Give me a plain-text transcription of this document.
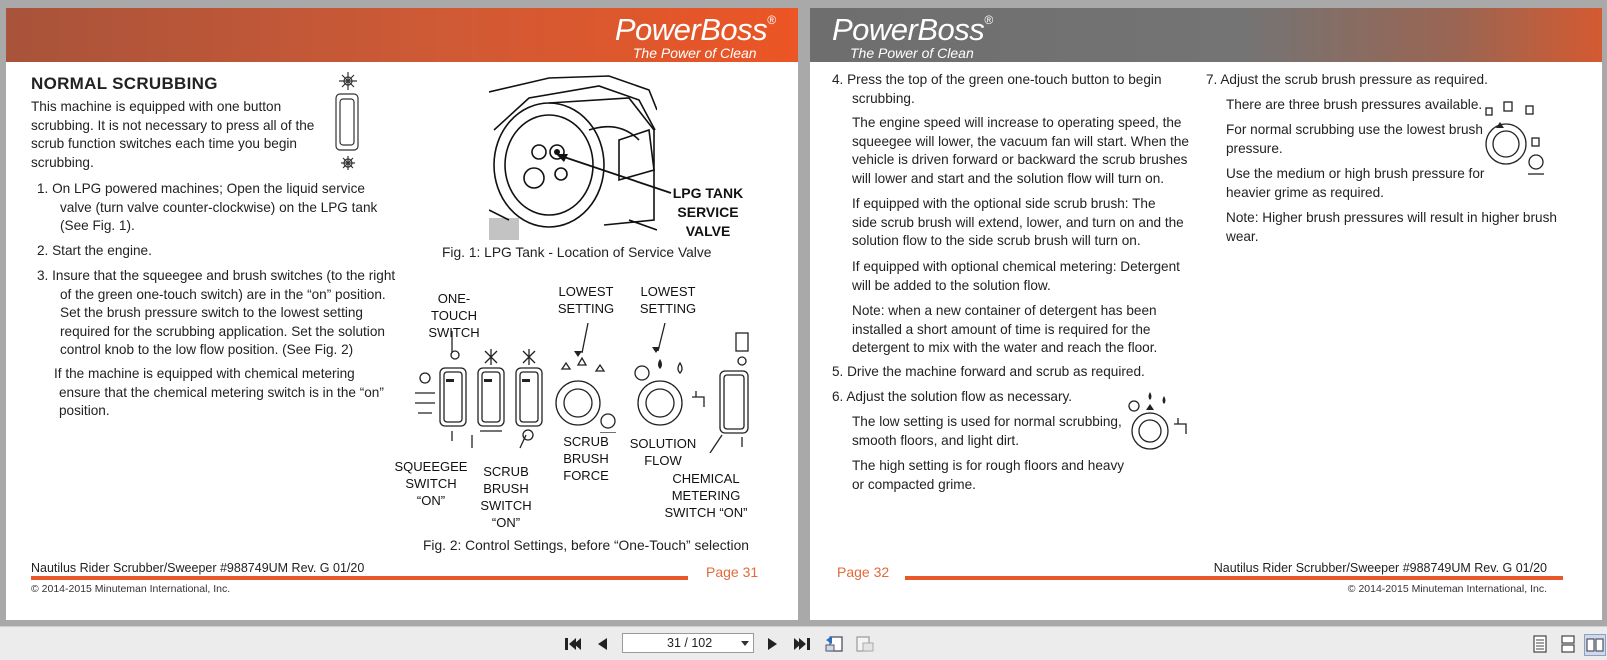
PowerBoss®
The Power of Clean
NORMAL SCRUBBING
This machine is equipped with one button
scrubbing. It is not necessary to press all of the
scrub function switches each time you begin
scrubbing.
1. On LPG powered machines; Open the liquid service
valve (turn valve counter-clockwise) on the LPG tank
(See Fig. 1).
2. Start the engine.
3. Insure that the squeegee and brush switches (to the right
of the green one-touch switch) are in the “on” position.
Set the brush pressure switch to the lowest setting
required for the scrubbing application. Set the solution
control knob to the low flow position. (See Fig. 2)
If the machine is equipped with chemical metering
ensure that the chemical metering switch is in the “on”
position.
LPG TANK
SERVICE
VALVE
Fig. 1: LPG Tank - Location of Service Valve
ONE-
TOUCH
SWITCH
LOWEST
SETTING
LOWEST
SETTING
SQUEEGEE
SWITCH
“ON”
SCRUB
BRUSH
SWITCH
“ON”
SCRUB
BRUSH
FORCE
SOLUTION
FLOW
CHEMICAL
METERING
SWITCH “ON”
Fig. 2: Control Settings, before “One-Touch” selection
Nautilus Rider Scrubber/Sweeper #988749UM Rev. G 01/20	Page 31
© 2014-2015 Minuteman International, Inc.
PowerBoss®
The Power of Clean
4. Press the top of the green one-touch button to begin
scrubbing.
The engine speed will increase to operating speed, the
squeegee will lower, the vacuum fan will start. When the
vehicle is driven forward or backward the scrub brushes
will lower and start and the solution flow will turn on.
If equipped with the optional side scrub brush: The
side scrub brush will extend, lower, and turn on and the
solution flow to the side scrub brush will turn on.
If equipped with optional chemical metering: Detergent
will be added to the solution flow.
Note: when a new container of detergent has been
installed a short amount of time is required for the
detergent to mix with the water and reach the floor.
5. Drive the machine forward and scrub as required.
6. Adjust the solution flow as necessary.
The low setting is used for normal scrubbing,
smooth floors, and light dirt.
The high setting is for rough floors and heavy
or compacted grime.
7. Adjust the scrub brush pressure as required.
There are three brush pressures available.
For normal scrubbing use the lowest brush
pressure.
Use the medium or high brush pressure for
heavier grime as required.
Note: Higher brush pressures will result in higher brush
wear.
Page 32	Nautilus Rider Scrubber/Sweeper #988749UM Rev. G 01/20
© 2014-2015 Minuteman International, Inc.
31 / 102
